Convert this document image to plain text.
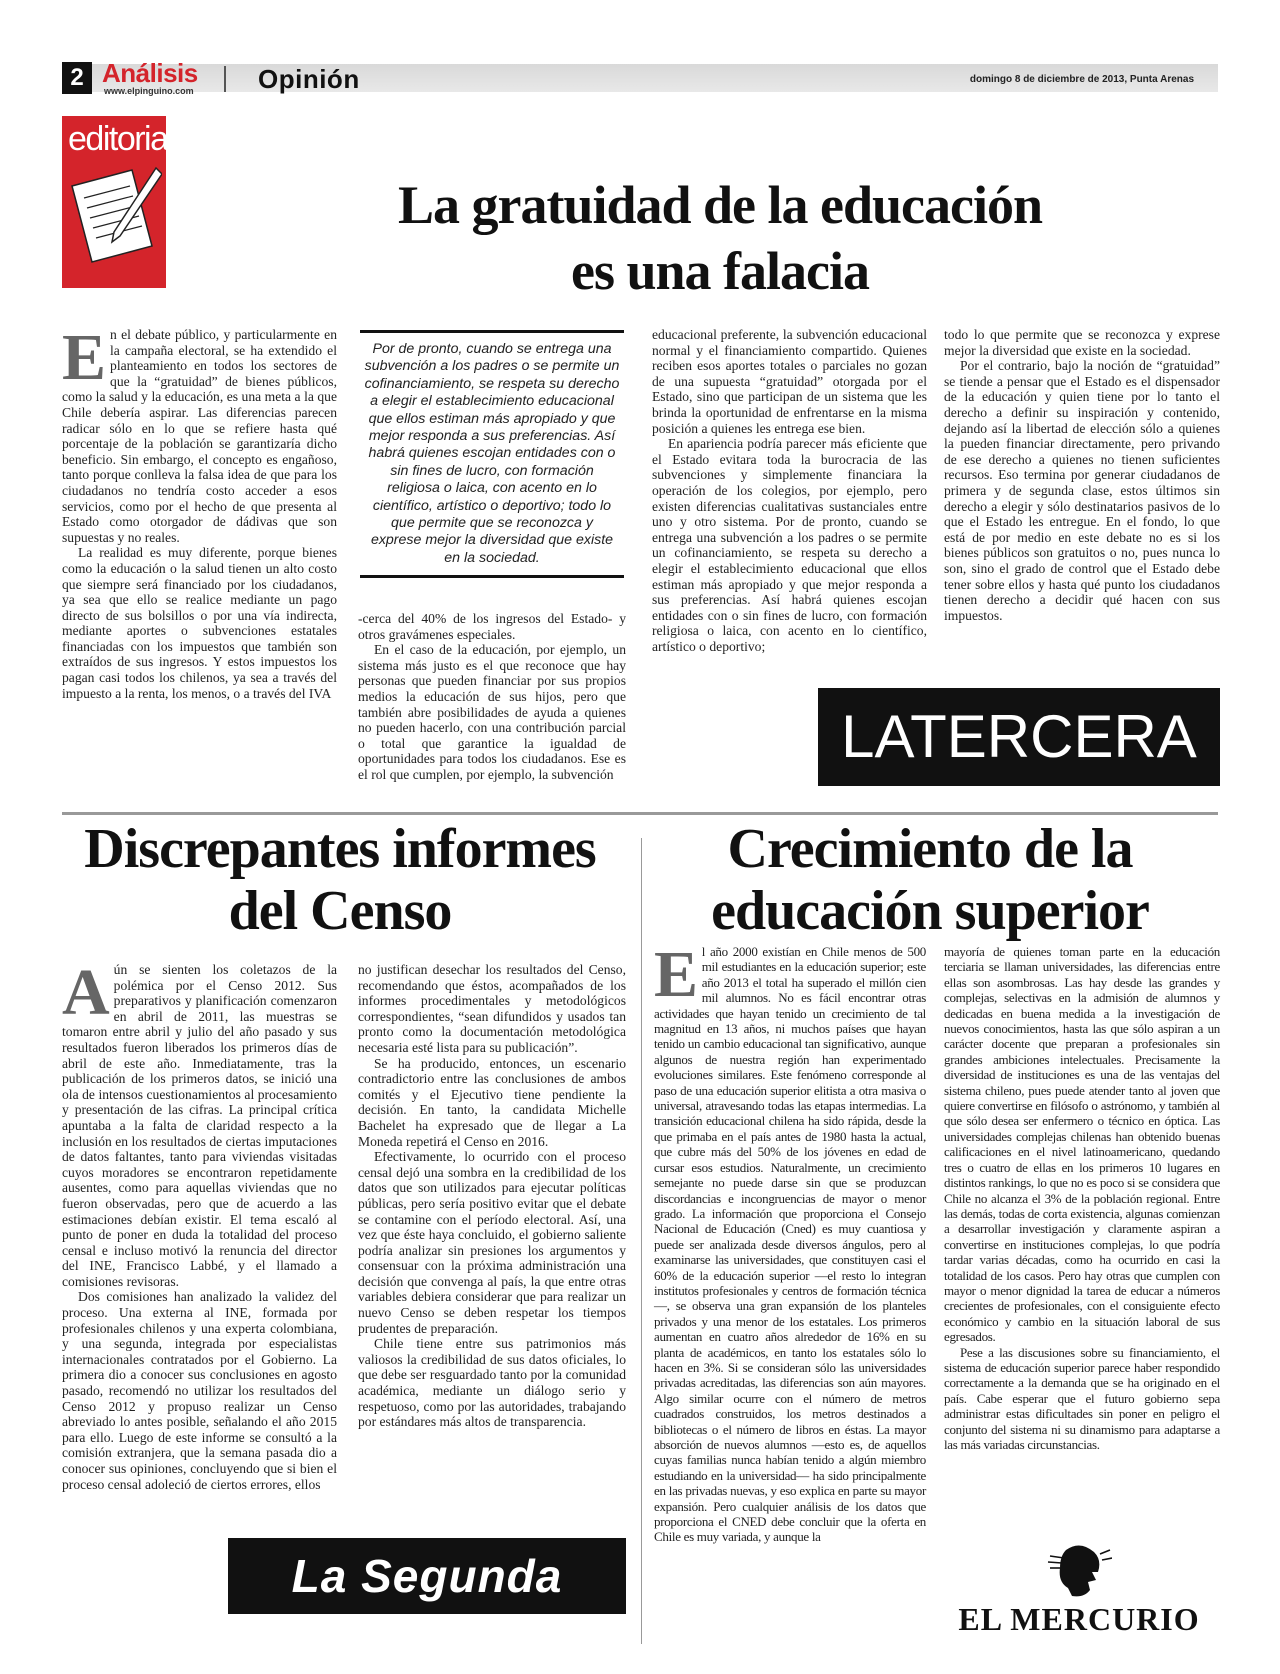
2 Análisis
www.elpinguino.com Opinión	domingo 8 de diciembre de 2013, Punta Arenas
editorial
La gratuidad de la educación es una falacia
E n el debate público, y particularmente en la campaña electoral, se ha extendido el planteamiento en todos los sectores de que la “gratuidad” de bienes públicos, como la salud y la educación, es una meta a la que Chile debería aspirar. Las diferencias parecen radicar sólo en lo que se refiere hasta qué porcentaje de la población se garantizaría dicho beneficio. Sin embargo, el concepto es engañoso, tanto porque conlleva la falsa idea de que para los ciudadanos no tendría costo acceder a esos servicios, como por el hecho de que presenta al Estado como otorgador de dádivas que son supuestas y no reales.

La realidad es muy diferente, porque bienes como la educación o la salud tienen un alto costo que siempre será financiado por los ciudadanos, ya sea que ello se realice mediante un pago directo de sus bolsillos o por una vía indirecta, mediante aportes o subvenciones estatales financiadas con los impuestos que también son extraídos de sus ingresos. Y estos impuestos los pagan casi todos los chilenos, ya sea a través del impuesto a la renta, los menos, o a través del IVA

Por de pronto, cuando se entrega una subvención a los padres o se permite un cofinanciamiento, se respeta su derecho a elegir el establecimiento educacional que ellos estiman más apropiado y que mejor responda a sus preferencias. Así habrá quienes escojan entidades con o sin fines de lucro, con formación religiosa o laica, con acento en lo científico, artístico o deportivo; todo lo que permite que se reconozca y exprese mejor la diversidad que existe en la sociedad.

-cerca del 40% de los ingresos del Estado- y otros gravámenes especiales.

En el caso de la educación, por ejemplo, un sistema más justo es el que reconoce que hay personas que pueden financiar por sus propios medios la educación de sus hijos, pero que también abre posibilidades de ayuda a quienes no pueden hacerlo, con una contribución parcial o total que garantice la igualdad de oportunidades para todos los ciudadanos. Ese es el rol que cumplen, por ejemplo, la subvención

educacional preferente, la subvención educacional normal y el financiamiento compartido. Quienes reciben esos aportes totales o parciales no gozan de una supuesta “gratuidad” otorgada por el Estado, sino que participan de un sistema que les brinda la oportunidad de enfrentarse en la misma posición a quienes les entrega ese bien.

En apariencia podría parecer más eficiente que el Estado evitara toda la burocracia de las subvenciones y simplemente financiara la operación de los colegios, por ejemplo, pero existen diferencias cualitativas sustanciales entre uno y otro sistema. Por de pronto, cuando se entrega una subvención a los padres o se permite un cofinanciamiento, se respeta su derecho a elegir el establecimiento educacional que ellos estiman más apropiado y que mejor responda a sus preferencias. Así habrá quienes escojan entidades con o sin fines de lucro, con formación religiosa o laica, con acento en lo científico, artístico o deportivo;

todo lo que permite que se reconozca y exprese mejor la diversidad que existe en la sociedad.

Por el contrario, bajo la noción de “gratuidad” se tiende a pensar que el Estado es el dispensador de la educación y quien tiene por lo tanto el derecho a definir su inspiración y contenido, dejando así la libertad de elección sólo a quienes la pueden financiar directamente, pero privando de ese derecho a quienes no tienen suficientes recursos. Eso termina por generar ciudadanos de primera y de segunda clase, estos últimos sin derecho a elegir y sólo destinatarios pasivos de lo que el Estado les entregue. En el fondo, lo que está de por medio en este debate no es si los bienes públicos son gratuitos o no, pues nunca lo son, sino el grado de control que el Estado debe tener sobre ellos y hasta qué punto los ciudadanos tienen derecho a decidir qué hacen con sus impuestos.

LATERCERA
Discrepantes informes del Censo
A ún se sienten los coletazos de la polémica por el Censo 2012. Sus preparativos y planificación comenzaron en abril de 2011, las muestras se tomaron entre abril y julio del año pasado y sus resultados fueron liberados los primeros días de abril de este año. Inmediatamente, tras la publicación de los primeros datos, se inició una ola de intensos cuestionamientos al procesamiento y presentación de las cifras. La principal crítica apuntaba a la falta de claridad respecto a la inclusión en los resultados de ciertas imputaciones de datos faltantes, tanto para viviendas visitadas cuyos moradores se encontraron repetidamente ausentes, como para aquellas viviendas que no fueron observadas, pero que de acuerdo a las estimaciones debían existir. El tema escaló al punto de poner en duda la totalidad del proceso censal e incluso motivó la renuncia del director del INE, Francisco Labbé, y el llamado a comisiones revisoras.

Dos comisiones han analizado la validez del proceso. Una externa al INE, formada por profesionales chilenos y una experta colombiana, y una segunda, integrada por especialistas internacionales contratados por el Gobierno. La primera dio a conocer sus conclusiones en agosto pasado, recomendó no utilizar los resultados del Censo 2012 y propuso realizar un Censo abreviado lo antes posible, señalando el año 2015 para ello. Luego de este informe se consultó a la comisión extranjera, que la semana pasada dio a conocer sus opiniones, concluyendo que si bien el proceso censal adoleció de ciertos errores, ellos

no justifican desechar los resultados del Censo, recomendando que éstos, acompañados de los informes procedimentales y metodológicos correspondientes, “sean difundidos y usados tan pronto como la documentación metodológica necesaria esté lista para su publicación”.

Se ha producido, entonces, un escenario contradictorio entre las conclusiones de ambos comités y el Ejecutivo tiene pendiente la decisión. En tanto, la candidata Michelle Bachelet ha expresado que de llegar a La Moneda repetirá el Censo en 2016.

Efectivamente, lo ocurrido con el proceso censal dejó una sombra en la credibilidad de los datos que son utilizados para ejecutar políticas públicas, pero sería positivo evitar que el debate se contamine con el período electoral. Así, una vez que éste haya concluido, el gobierno saliente podría analizar sin presiones los argumentos y consensuar con la próxima administración una decisión que convenga al país, la que entre otras variables debiera considerar que para realizar un nuevo Censo se deben respetar los tiempos prudentes de preparación.

Chile tiene entre sus patrimonios más valiosos la credibilidad de sus datos oficiales, lo que debe ser resguardado tanto por la comunidad académica, mediante un diálogo serio y respetuoso, como por las autoridades, trabajando por estándares más altos de transparencia.

La Segunda
Crecimiento de la educación superior
E l año 2000 existían en Chile menos de 500 mil estudiantes en la educación superior; este año 2013 el total ha superado el millón cien mil alumnos. No es fácil encontrar otras actividades que hayan tenido un crecimiento de tal magnitud en 13 años, ni muchos países que hayan tenido un cambio educacional tan significativo, aunque algunos de nuestra región han experimentado evoluciones similares. Este fenómeno corresponde al paso de una educación superior elitista a otra masiva o universal, atravesando todas las etapas intermedias. La transición educacional chilena ha sido rápida, desde la que primaba en el país antes de 1980 hasta la actual, que cubre más del 50% de los jóvenes en edad de cursar esos estudios. Naturalmente, un crecimiento semejante no puede darse sin que se produzcan discordancias e incongruencias de mayor o menor grado. La información que proporciona el Consejo Nacional de Educación (Cned) es muy cuantiosa y puede ser analizada desde diversos ángulos, pero al examinarse las universidades, que constituyen casi el 60% de la educación superior —el resto lo integran institutos profesionales y centros de formación técnica—, se observa una gran expansión de los planteles privados y una menor de los estatales. Los primeros aumentan en cuatro años alrededor de 16% en su planta de académicos, en tanto los estatales sólo lo hacen en 3%. Si se consideran sólo las universidades privadas acreditadas, las diferencias son aún mayores. Algo similar ocurre con el número de metros cuadrados construidos, los metros destinados a bibliotecas o el número de libros en éstas. La mayor absorción de nuevos alumnos —esto es, de aquellos cuyas familias nunca habían tenido a algún miembro estudiando en la universidad— ha sido principalmente en las privadas nuevas, y eso explica en parte su mayor expansión. Pero cualquier análisis de los datos que proporciona el CNED debe concluir que la oferta en Chile es muy variada, y aunque la

mayoría de quienes toman parte en la educación terciaria se llaman universidades, las diferencias entre ellas son asombrosas. Las hay desde las grandes y complejas, selectivas en la admisión de alumnos y dedicadas en buena medida a la investigación de nuevos conocimientos, hasta las que sólo aspiran a un carácter docente que preparan a profesionales sin grandes ambiciones intelectuales. Precisamente la diversidad de instituciones es una de las ventajas del sistema chileno, pues puede atender tanto al joven que quiere convertirse en filósofo o astrónomo, y también al que sólo desea ser enfermero o técnico en óptica. Las universidades complejas chilenas han obtenido buenas calificaciones en el nivel latinoamericano, quedando tres o cuatro de ellas en los primeros 10 lugares en distintos rankings, lo que no es poco si se considera que Chile no alcanza el 3% de la población regional. Entre las demás, todas de corta existencia, algunas comienzan a desarrollar investigación y claramente aspiran a convertirse en instituciones complejas, lo que podría tardar varias décadas, como ha ocurrido en casi la totalidad de los casos. Pero hay otras que cumplen con mayor o menor dignidad la tarea de educar a números crecientes de profesionales, con el consiguiente efecto económico y cambio en la situación laboral de sus egresados.

Pese a las discusiones sobre su financiamiento, el sistema de educación superior parece haber respondido correctamente a la demanda que se ha originado en el país. Cabe esperar que el futuro gobierno sepa administrar estas dificultades sin poner en peligro el conjunto del sistema ni su dinamismo para adaptarse a las más variadas circunstancias.

EL MERCURIO
